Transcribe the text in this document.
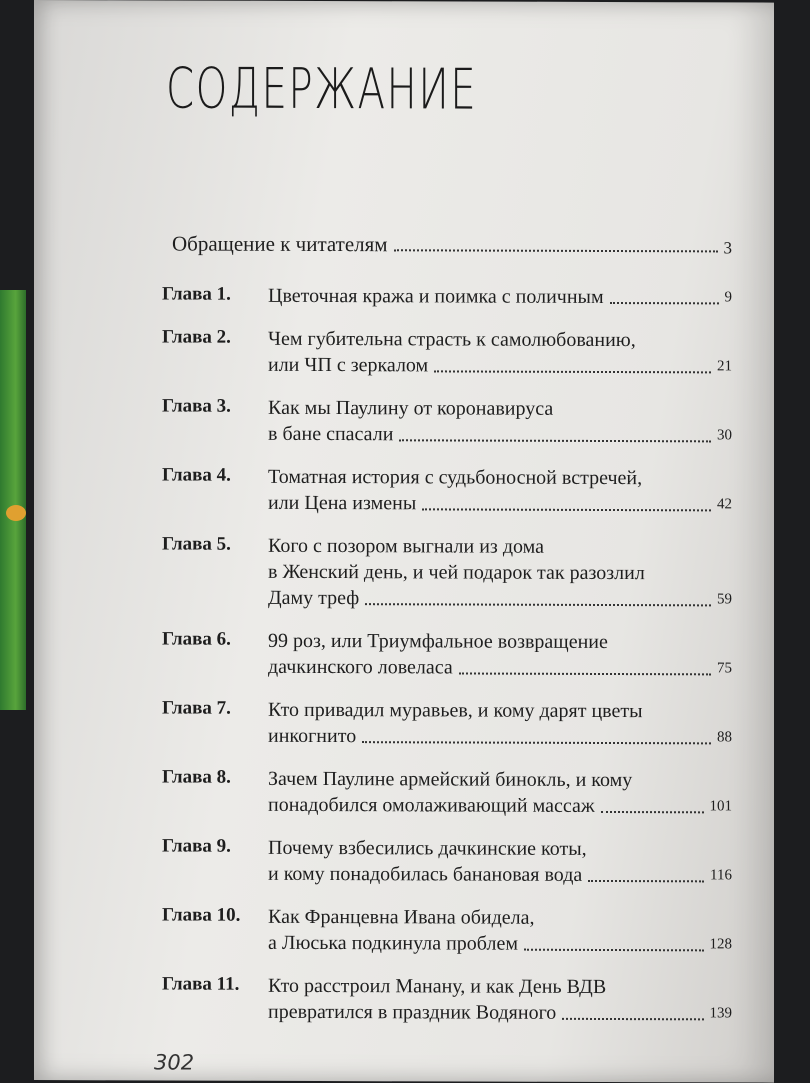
СОДЕРЖАНИЕ
Обращение к читателям	3
Глава 1.	Цветочная кража и поимка с поличным	9
Глава 2.	Чем губительна страсть к самолюбованию,
или ЧП с зеркалом	21
Глава 3.	Как мы Паулину от коронавируса
в бане спасали	30
Глава 4.	Томатная история с судьбоносной встречей,
или Цена измены	42
Глава 5.	Кого с позором выгнали из дома
в Женский день, и чей подарок так разозлил
Даму треф	59
Глава 6.	99 роз, или Триумфальное возвращение
дачкинского ловеласа	75
Глава 7.	Кто привадил муравьев, и кому дарят цветы
инкогнито	88
Глава 8.	Зачем Паулине армейский бинокль, и кому
понадобился омолаживающий массаж	101
Глава 9.	Почему взбесились дачкинские коты,
и кому понадобилась банановая вода	116
Глава 10.	Как Францевна Ивана обидела,
а Люська подкинула проблем	128
Глава 11.	Кто расстроил Манану, и как День ВДВ
превратился в праздник Водяного	139
302
